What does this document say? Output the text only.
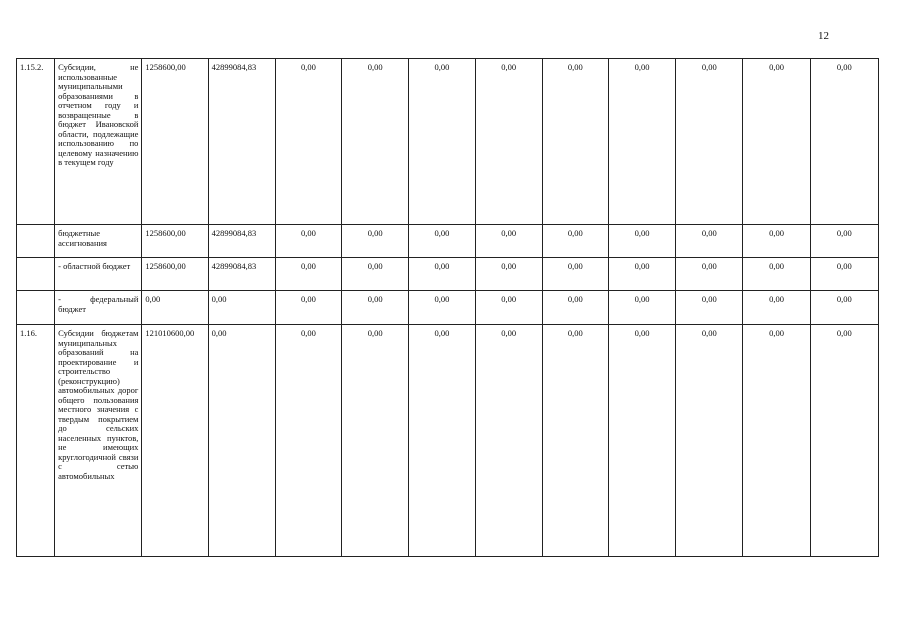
12
1.15.2.	Субсидии, не использованные муниципальными образованиями в отчетном году и возвращенные в бюджет Ивановской области, подлежащие использованию по целевому назначению в текущем году	1258600,00	42899084,83	0,00	0,00	0,00	0,00	0,00	0,00	0,00	0,00	0,00
	бюджетные ассигнования	1258600,00	42899084,83	0,00	0,00	0,00	0,00	0,00	0,00	0,00	0,00	0,00
	- областной бюджет	1258600,00	42899084,83	0,00	0,00	0,00	0,00	0,00	0,00	0,00	0,00	0,00
	- федеральный бюджет	0,00	0,00	0,00	0,00	0,00	0,00	0,00	0,00	0,00	0,00	0,00
1.16.	Субсидии бюджетам муниципальных образований на проектирование и строительство (реконструкцию) автомобильных дорог общего пользования местного значения с твердым покрытием до сельских населенных пунктов, не имеющих круглогодичной связи с сетью автомобильных	121010600,00	0,00	0,00	0,00	0,00	0,00	0,00	0,00	0,00	0,00	0,00
